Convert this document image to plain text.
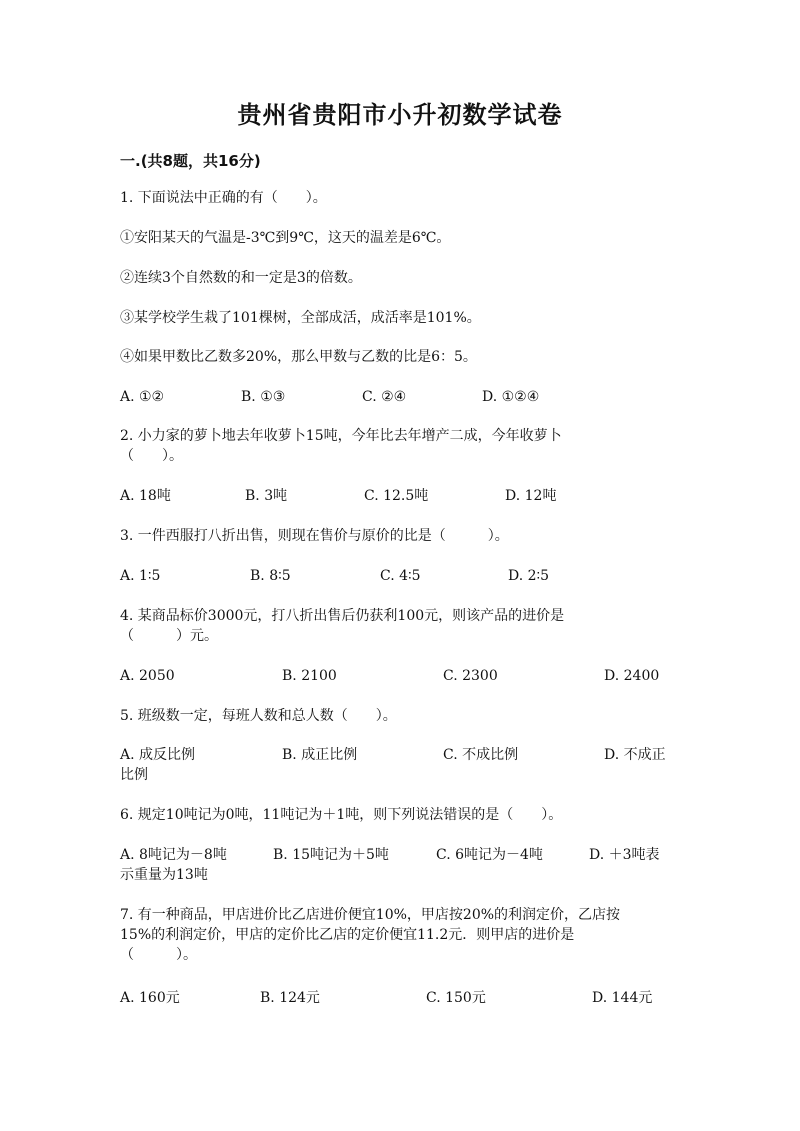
贵州省贵阳市小升初数学试卷
一.(共8题，共16分)
1. 下面说法中正确的有（　　）。
①安阳某天的气温是-3℃到9℃，这天的温差是6℃。
②连续3个自然数的和一定是3的倍数。
③某学校学生栽了101棵树，全部成活，成活率是101%。
④如果甲数比乙数多20%，那么甲数与乙数的比是6：5。
A. ①②	B. ①③	C. ②④	D. ①②④
2. 小力家的萝卜地去年收萝卜15吨，今年比去年增产二成，今年收萝卜
（　　）。
A. 18吨	B. 3吨	C. 12.5吨	D. 12吨
3. 一件西服打八折出售，则现在售价与原价的比是（　　　）。
A. 1∶5	B. 8∶5	C. 4∶5	D. 2∶5
4. 某商品标价3000元，打八折出售后仍获利100元，则该产品的进价是
（　　　）元。
A. 2050	B. 2100	C. 2300	D. 2400
5. 班级数一定，每班人数和总人数（　　）。
A. 成反比例	B. 成正比例	C. 不成比例	D. 不成正
比例
6. 规定10吨记为0吨，11吨记为＋1吨，则下列说法错误的是（　　）。
A. 8吨记为－8吨	B. 15吨记为＋5吨	C. 6吨记为－4吨	D. ＋3吨表
示重量为13吨
7. 有一种商品，甲店进价比乙店进价便宜10%，甲店按20%的利润定价，乙店按
15%的利润定价，甲店的定价比乙店的定价便宜11.2元．则甲店的进价是
（　　　）。
A. 160元	B. 124元	C. 150元	D. 144元
